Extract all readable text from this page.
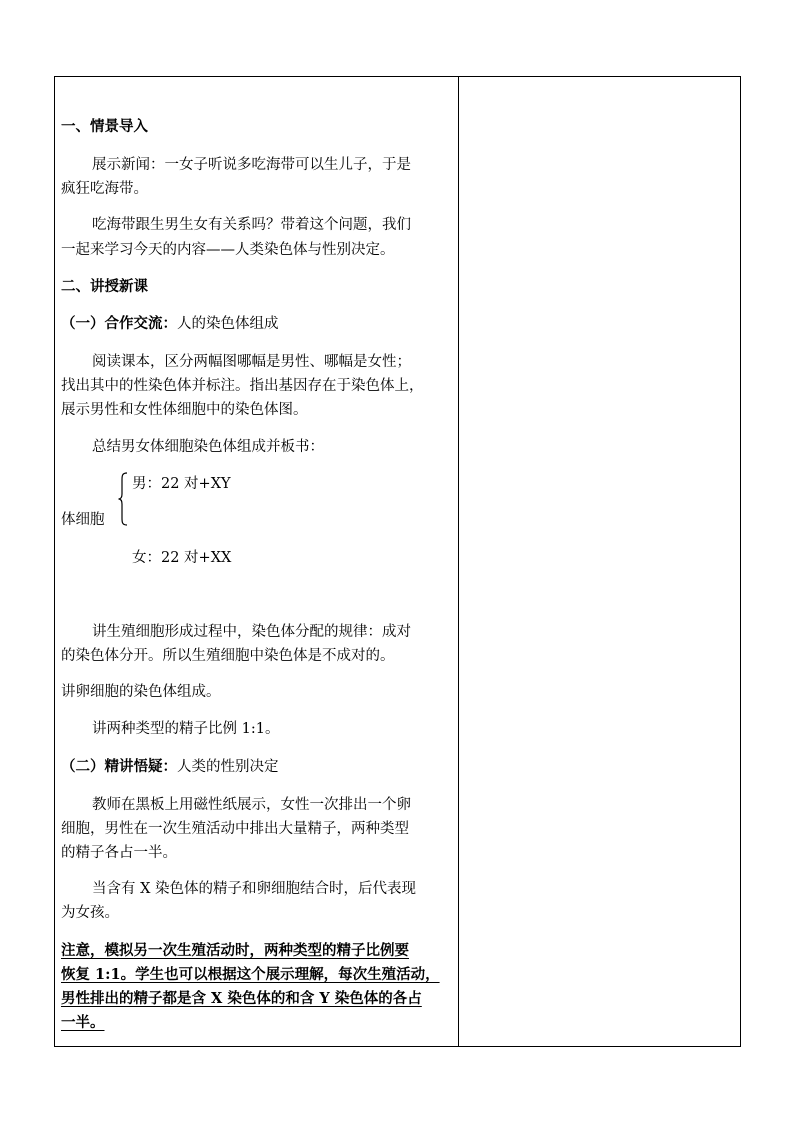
一、情景导入
展示新闻：一女子听说多吃海带可以生儿子，于是
疯狂吃海带。
吃海带跟生男生女有关系吗？带着这个问题，我们
一起来学习今天的内容——人类染色体与性别决定。
二、讲授新课
（一）合作交流：人的染色体组成
阅读课本，区分两幅图哪幅是男性、哪幅是女性；
找出其中的性染色体并标注。指出基因存在于染色体上，
展示男性和女性体细胞中的染色体图。
总结男女体细胞染色体组成并板书：
男：22 对+XY
体细胞
女：22 对+XX
讲生殖细胞形成过程中，染色体分配的规律：成对
的染色体分开。所以生殖细胞中染色体是不成对的。
讲卵细胞的染色体组成。
讲两种类型的精子比例 1:1。
（二）精讲悟疑：人类的性别决定
教师在黑板上用磁性纸展示，女性一次排出一个卵
细胞，男性在一次生殖活动中排出大量精子，两种类型
的精子各占一半。
当含有 X 染色体的精子和卵细胞结合时，后代表现
为女孩。
注意，模拟另一次生殖活动时，两种类型的精子比例要
恢复 1:1。学生也可以根据这个展示理解，每次生殖活动，
男性排出的精子都是含 X 染色体的和含 Y 染色体的各占
一半。
